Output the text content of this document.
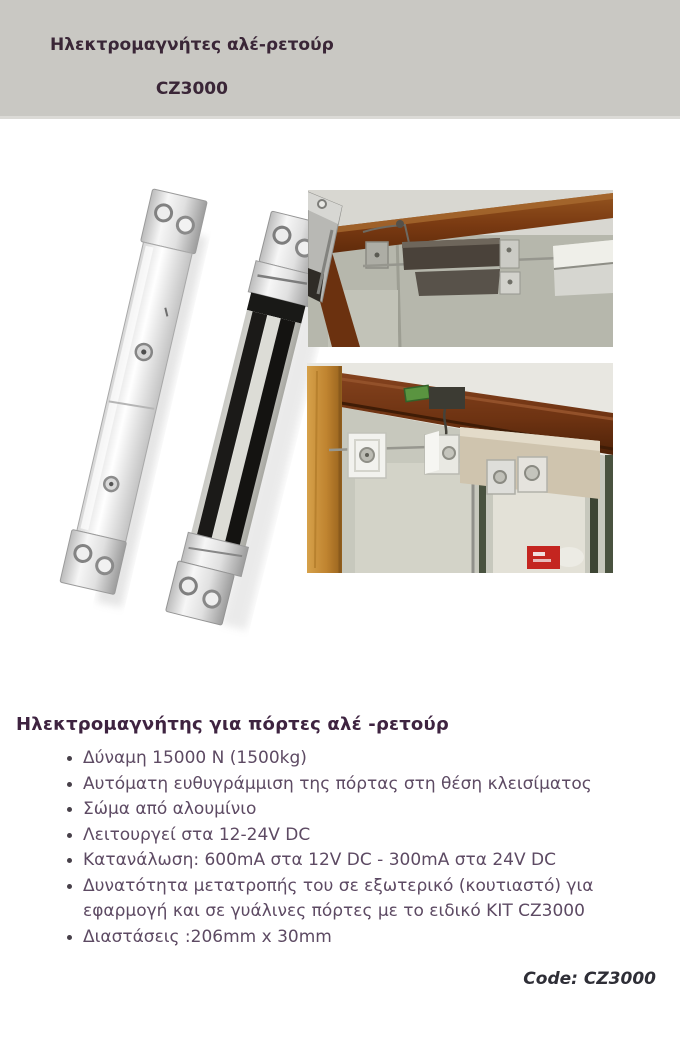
Ηλεκτρομαγνήτες αλέ-ρετούρ

CZ3000

Ηλεκτρομαγνήτης για πόρτες αλέ -ρετούρ
• Δύναμη 15000 N (1500kg)
• Αυτόματη ευθυγράμμιση της πόρτας στη θέση κλεισίματος
• Σώμα από αλουμίνιο
• Λειτουργεί στα 12-24V DC
• Κατανάλωση: 600mA στα 12V DC - 300mA στα 24V DC
• Δυνατότητα μετατροπής του σε εξωτερικό (κουτιαστό) για εφαρμογή και σε γυάλινες πόρτες με το ειδικό ΚΙΤ CZ3000
• Διαστάσεις :206mm x 30mm
Code: CZ3000
